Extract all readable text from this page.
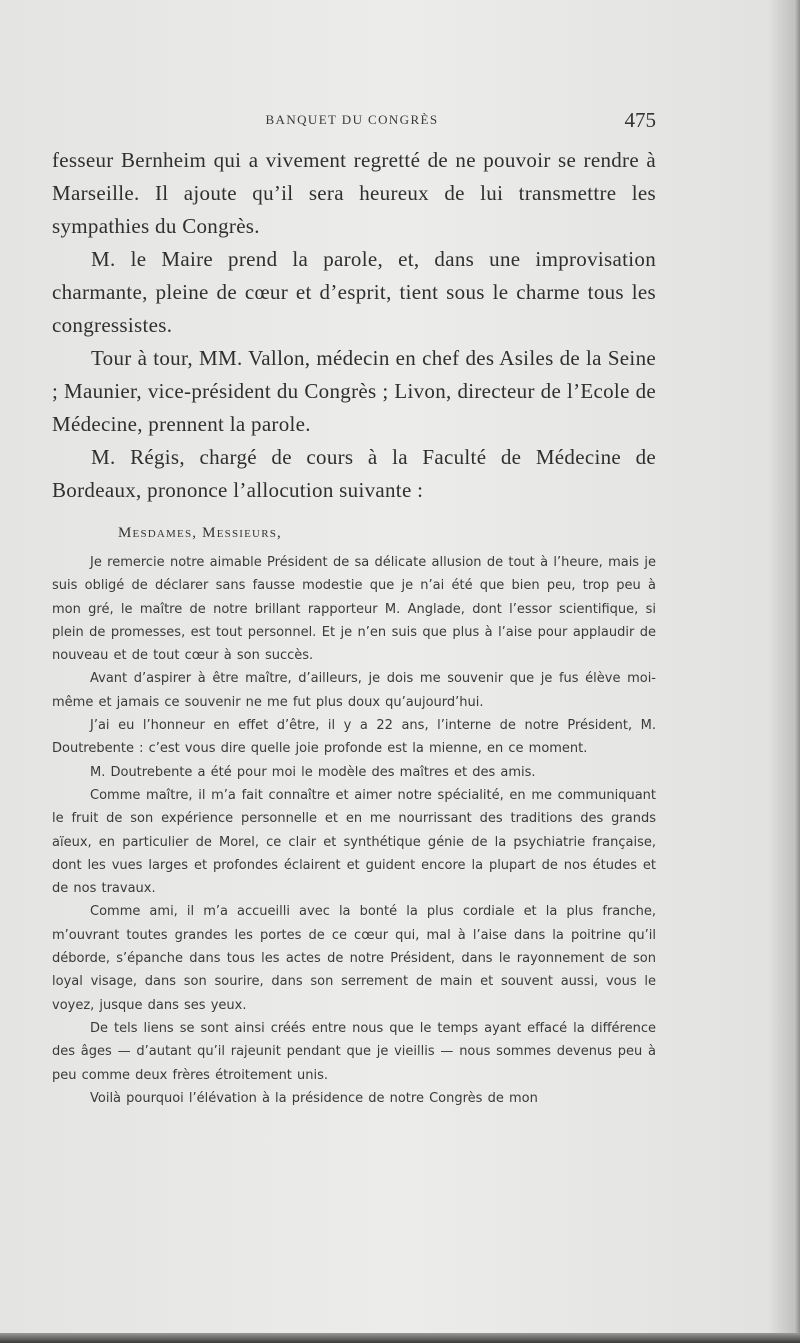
BANQUET DU CONGRÈS	475

fesseur Bernheim qui a vivement regretté de ne pouvoir se rendre à Marseille. Il ajoute qu’il sera heureux de lui transmettre les sympathies du Congrès.

M. le Maire prend la parole, et, dans une improvisation charmante, pleine de cœur et d’esprit, tient sous le charme tous les congressistes.

Tour à tour, MM. Vallon, médecin en chef des Asiles de la Seine ; Maunier, vice-président du Congrès ; Livon, directeur de l’Ecole de Médecine, prennent la parole.

M. Régis, chargé de cours à la Faculté de Médecine de Bordeaux, prononce l’allocution suivante :

Mesdames, Messieurs,

Je remercie notre aimable Président de sa délicate allusion de tout à l’heure, mais je suis obligé de déclarer sans fausse modestie que je n’ai été que bien peu, trop peu à mon gré, le maître de notre brillant rapporteur M. Anglade, dont l’essor scientifique, si plein de promesses, est tout personnel. Et je n’en suis que plus à l’aise pour applaudir de nouveau et de tout cœur à son succès.

Avant d’aspirer à être maître, d’ailleurs, je dois me souvenir que je fus élève moi-même et jamais ce souvenir ne me fut plus doux qu’aujourd’hui.

J’ai eu l’honneur en effet d’être, il y a 22 ans, l’interne de notre Président, M. Doutrebente : c’est vous dire quelle joie profonde est la mienne, en ce moment.

M. Doutrebente a été pour moi le modèle des maîtres et des amis.

Comme maître, il m’a fait connaître et aimer notre spécialité, en me communiquant le fruit de son expérience personnelle et en me nourrissant des traditions des grands aïeux, en particulier de Morel, ce clair et synthétique génie de la psychiatrie française, dont les vues larges et profondes éclairent et guident encore la plupart de nos études et de nos travaux.

Comme ami, il m’a accueilli avec la bonté la plus cordiale et la plus franche, m’ouvrant toutes grandes les portes de ce cœur qui, mal à l’aise dans la poitrine qu’il déborde, s’épanche dans tous les actes de notre Président, dans le rayonnement de son loyal visage, dans son sourire, dans son serrement de main et souvent aussi, vous le voyez, jusque dans ses yeux.

De tels liens se sont ainsi créés entre nous que le temps ayant effacé la différence des âges — d’autant qu’il rajeunit pendant que je vieillis — nous sommes devenus peu à peu comme deux frères étroitement unis.

Voilà pourquoi l’élévation à la présidence de notre Congrès de mon
